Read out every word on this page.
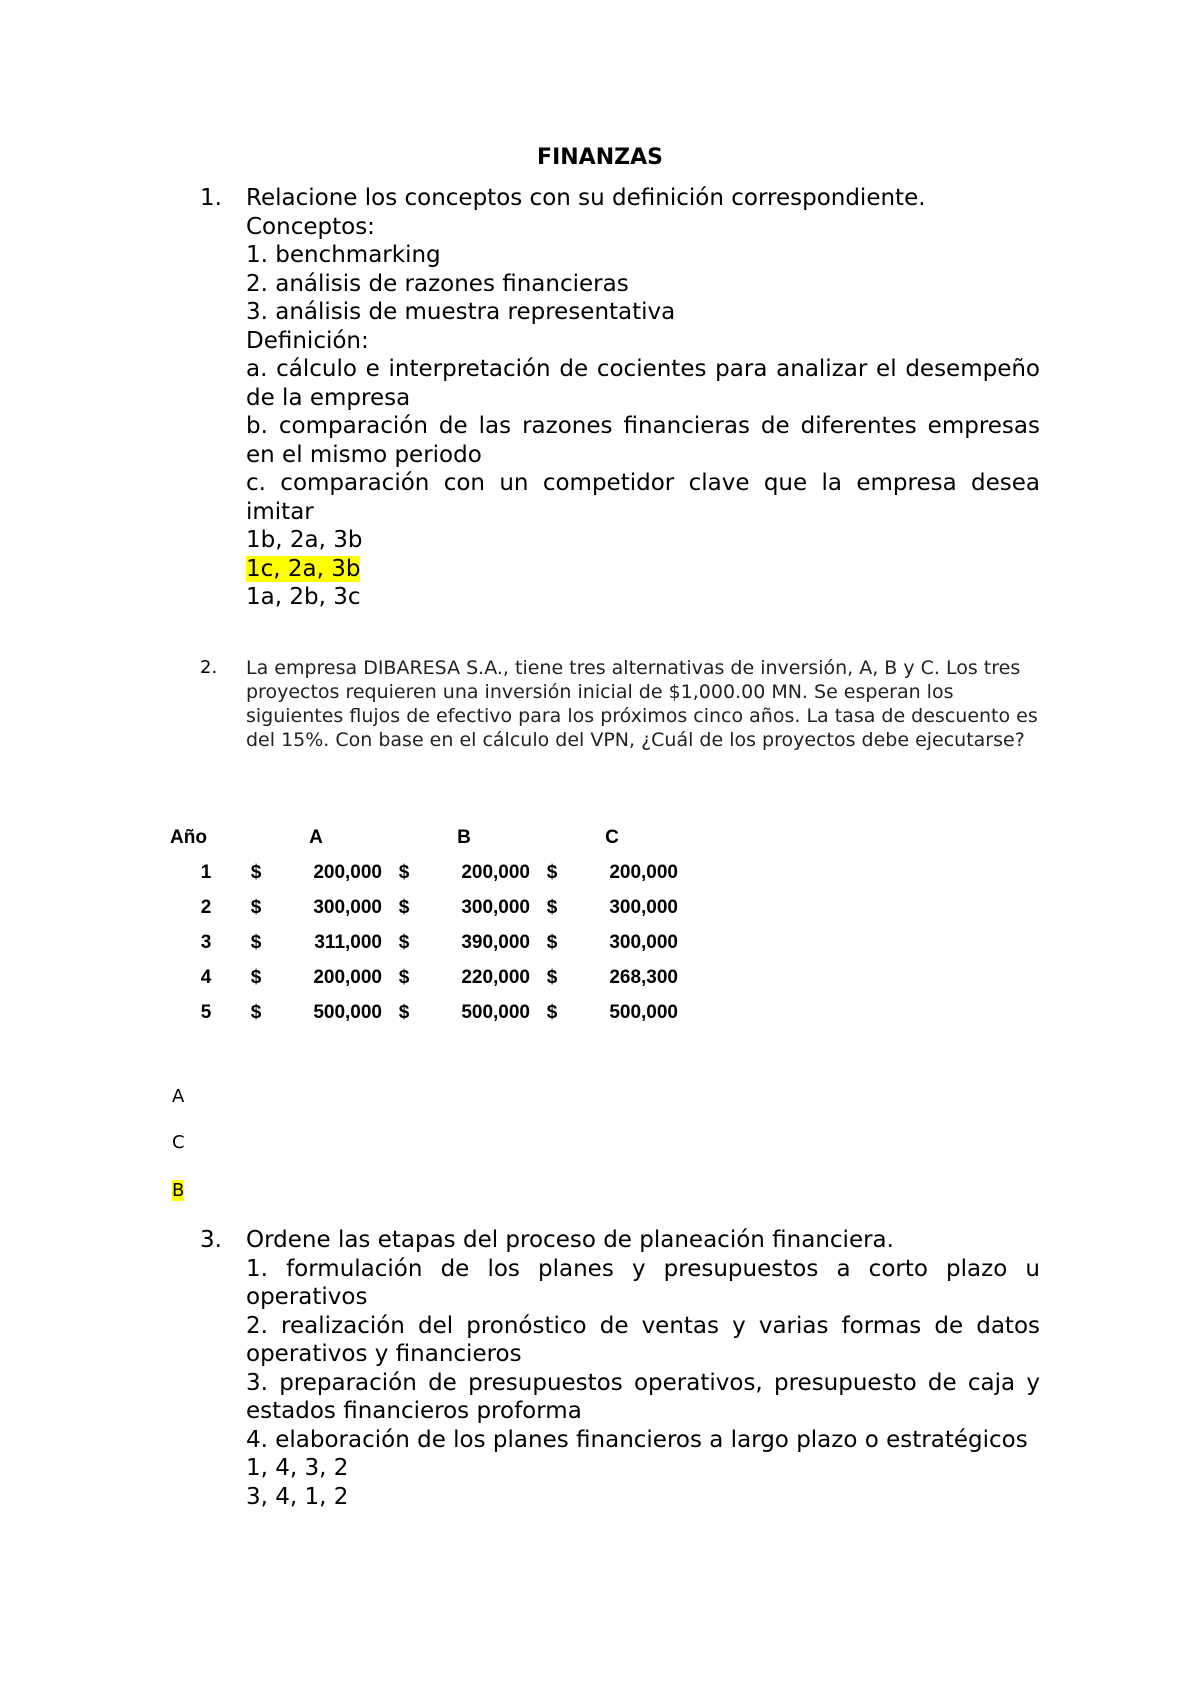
FINANZAS
1. Relacione los conceptos con su definición correspondiente.
Conceptos:
1. benchmarking
2. análisis de razones financieras
3. análisis de muestra representativa
Definición:
a. cálculo e interpretación de cocientes para analizar el desempeño de la empresa
b. comparación de las razones financieras de diferentes empresas en el mismo periodo
c. comparación con un competidor clave que la empresa desea imitar
1b, 2a, 3b
1c, 2a, 3b
1a, 2b, 3c
2. La empresa DIBARESA S.A., tiene tres alternativas de inversión, A, B y C. Los tres proyectos requieren una inversión inicial de $1,000.00 MN. Se esperan los siguientes flujos de efectivo para los próximos cinco años. La tasa de descuento es del 15%. Con base en el cálculo del VPN, ¿Cuál de los proyectos debe ejecutarse?
Año	A		B		C	
1	$	200,000	$	200,000	$	200,000
2	$	300,000	$	300,000	$	300,000
3	$	311,000	$	390,000	$	300,000
4	$	200,000	$	220,000	$	268,300
5	$	500,000	$	500,000	$	500,000
A
C
B
3. Ordene las etapas del proceso de planeación financiera.
1. formulación de los planes y presupuestos a corto plazo u operativos
2. realización del pronóstico de ventas y varias formas de datos operativos y financieros
3. preparación de presupuestos operativos, presupuesto de caja y estados financieros proforma
4. elaboración de los planes financieros a largo plazo o estratégicos
1, 4, 3, 2
3, 4, 1, 2
